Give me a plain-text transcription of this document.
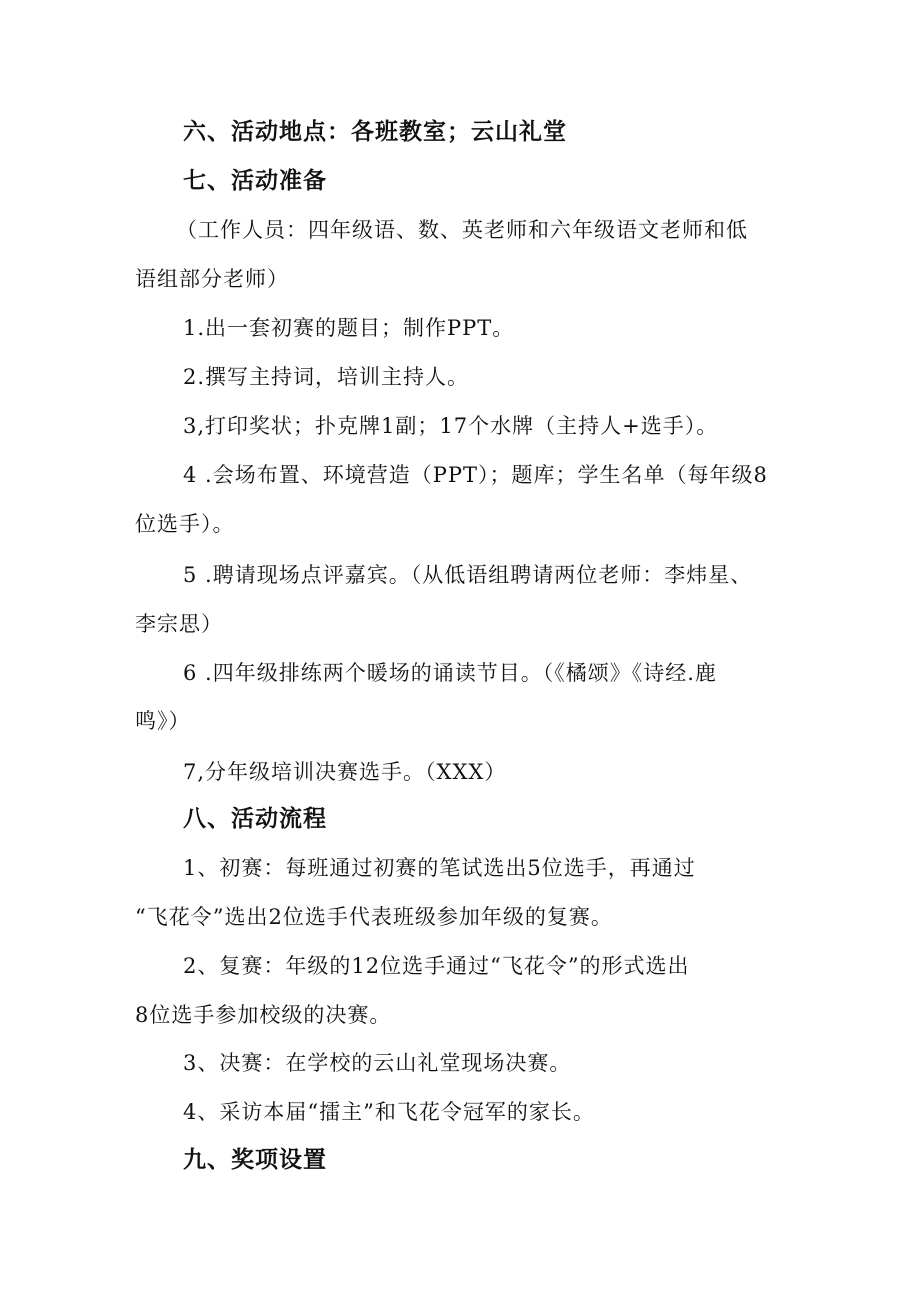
六、活动地点：各班教室；云山礼堂
七、活动准备
（工作人员：四年级语、数、英老师和六年级语文老师和低
语组部分老师）
1.出一套初赛的题目；制作PPT。
2.撰写主持词，培训主持人。
3,打印奖状；扑克牌1副；17个水牌（主持人+选手）。
4 .会场布置、环境营造（PPT）；题库；学生名单（每年级8
位选手）。
5 .聘请现场点评嘉宾。（从低语组聘请两位老师：李炜星、
李宗思）
6 .四年级排练两个暖场的诵读节目。（《橘颂》《诗经.鹿
鸣》）
7,分年级培训决赛选手。（XXX）
八、活动流程
1、初赛：每班通过初赛的笔试选出5位选手，再通过
“飞花令”选出2位选手代表班级参加年级的复赛。
2、复赛：年级的12位选手通过“飞花令”的形式选出
8位选手参加校级的决赛。
3、决赛：在学校的云山礼堂现场决赛。
4、采访本届“擂主”和飞花令冠军的家长。
九、奖项设置
